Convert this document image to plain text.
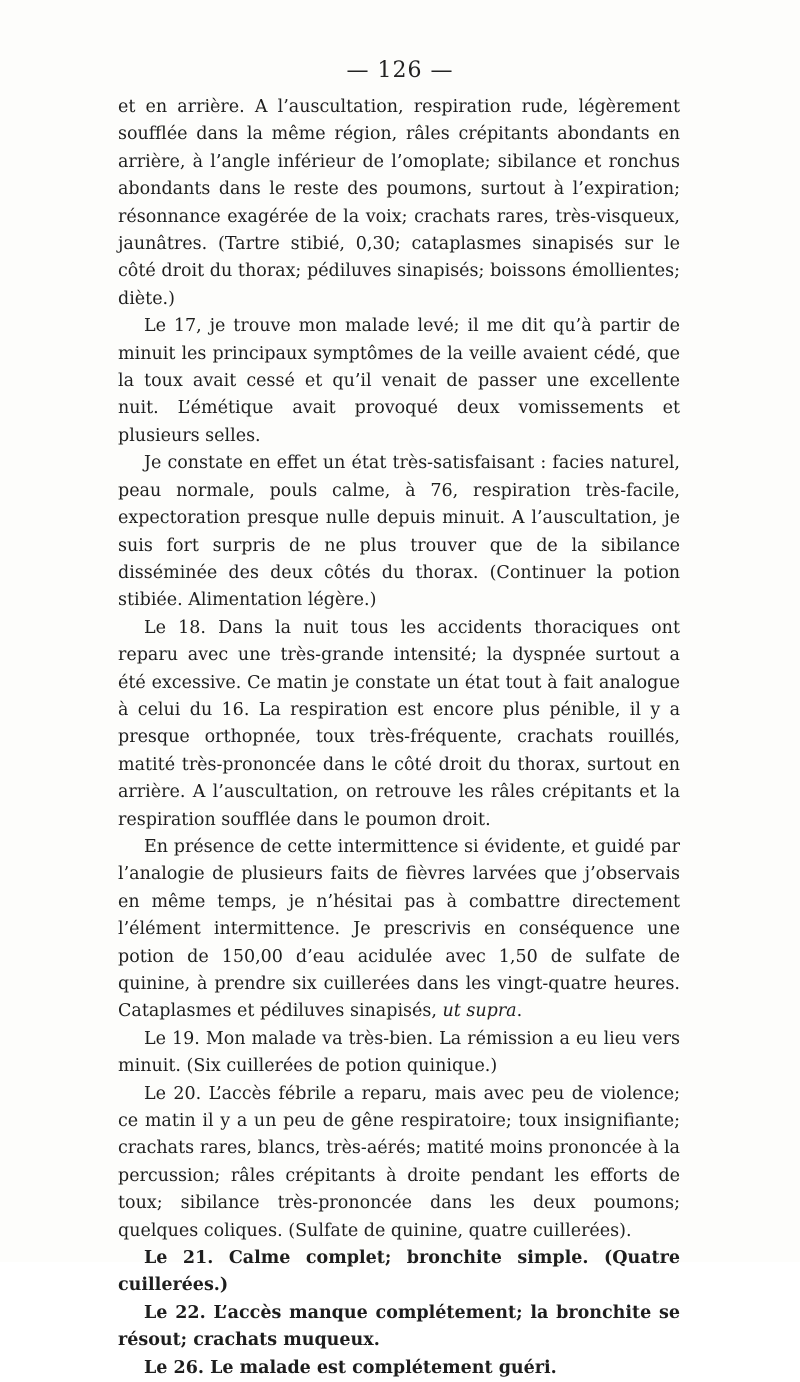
— 126 —

et en arrière. A l’auscultation, respiration rude, légèrement soufflée dans la même région, râles crépitants abondants en arrière, à l’angle inférieur de l’omoplate; sibilance et ronchus abondants dans le reste des poumons, surtout à l’expiration; résonnance exagérée de la voix; crachats rares, très-visqueux, jaunâtres. (Tartre stibié, 0,30; cataplasmes sinapisés sur le côté droit du thorax; pédiluves sinapisés; boissons émollientes; diète.)

Le 17, je trouve mon malade levé; il me dit qu’à partir de minuit les principaux symptômes de la veille avaient cédé, que la toux avait cessé et qu’il venait de passer une excellente nuit. L’émétique avait provoqué deux vomissements et plusieurs selles.

Je constate en effet un état très-satisfaisant : facies naturel, peau normale, pouls calme, à 76, respiration très-facile, expectoration presque nulle depuis minuit. A l’auscultation, je suis fort surpris de ne plus trouver que de la sibilance disséminée des deux côtés du thorax. (Continuer la potion stibiée. Alimentation légère.)

Le 18. Dans la nuit tous les accidents thoraciques ont reparu avec une très-grande intensité; la dyspnée surtout a été excessive. Ce matin je constate un état tout à fait analogue à celui du 16. La respiration est encore plus pénible, il y a presque orthopnée, toux très-fréquente, crachats rouillés, matité très-prononcée dans le côté droit du thorax, surtout en arrière. A l’auscultation, on retrouve les râles crépitants et la respiration soufflée dans le poumon droit.

En présence de cette intermittence si évidente, et guidé par l’analogie de plusieurs faits de fièvres larvées que j’observais en même temps, je n’hésitai pas à combattre directement l’élément intermittence. Je prescrivis en conséquence une potion de 150,00 d’eau acidulée avec 1,50 de sulfate de quinine, à prendre six cuillerées dans les vingt-quatre heures. Cataplasmes et pédiluves sinapisés, ut supra.

Le 19. Mon malade va très-bien. La rémission a eu lieu vers minuit. (Six cuillerées de potion quinique.)

Le 20. L’accès fébrile a reparu, mais avec peu de violence; ce matin il y a un peu de gêne respiratoire; toux insignifiante; crachats rares, blancs, très-aérés; matité moins prononcée à la percussion; râles crépitants à droite pendant les efforts de toux; sibilance très-prononcée dans les deux poumons; quelques coliques. (Sulfate de quinine, quatre cuillerées).

Le 21. Calme complet; bronchite simple. (Quatre cuillerées.)

Le 22. L’accès manque complétement; la bronchite se résout; crachats muqueux.

Le 26. Le malade est complétement guéri.
